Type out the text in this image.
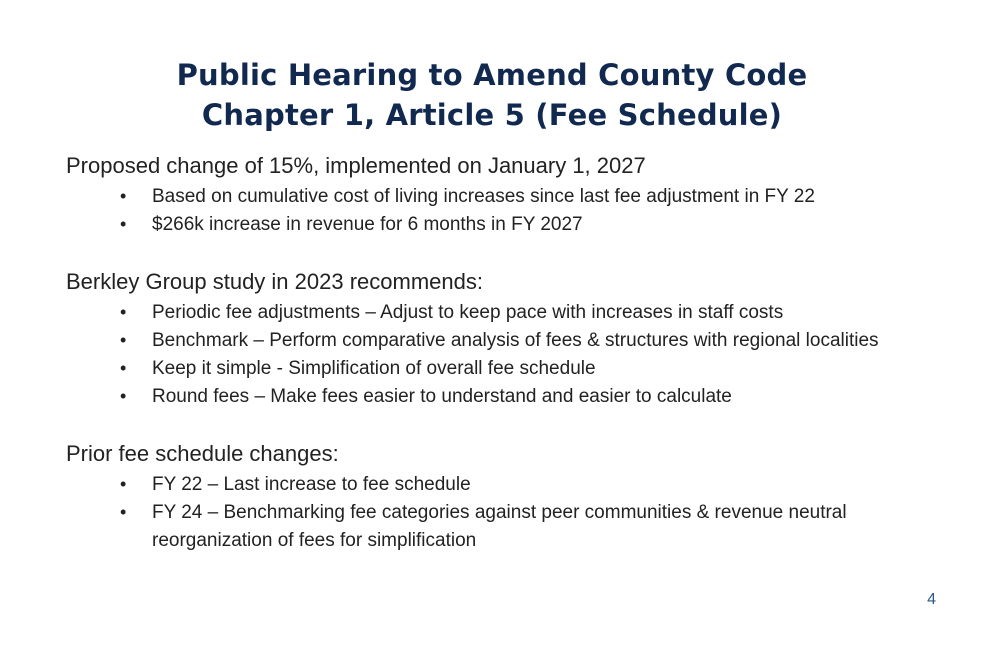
Public Hearing to Amend County Code
Chapter 1, Article 5 (Fee Schedule)

Proposed change of 15%, implemented on January 1, 2027

• Based on cumulative cost of living increases since last fee adjustment in FY 22
• $266k increase in revenue for 6 months in FY 2027

Berkley Group study in 2023 recommends:

• Periodic fee adjustments – Adjust to keep pace with increases in staff costs
• Benchmark – Perform comparative analysis of fees & structures with regional localities
• Keep it simple - Simplification of overall fee schedule
• Round fees – Make fees easier to understand and easier to calculate

Prior fee schedule changes:

• FY 22 – Last increase to fee schedule
• FY 24 – Benchmarking fee categories against peer communities & revenue neutral reorganization of fees for simplification
4
